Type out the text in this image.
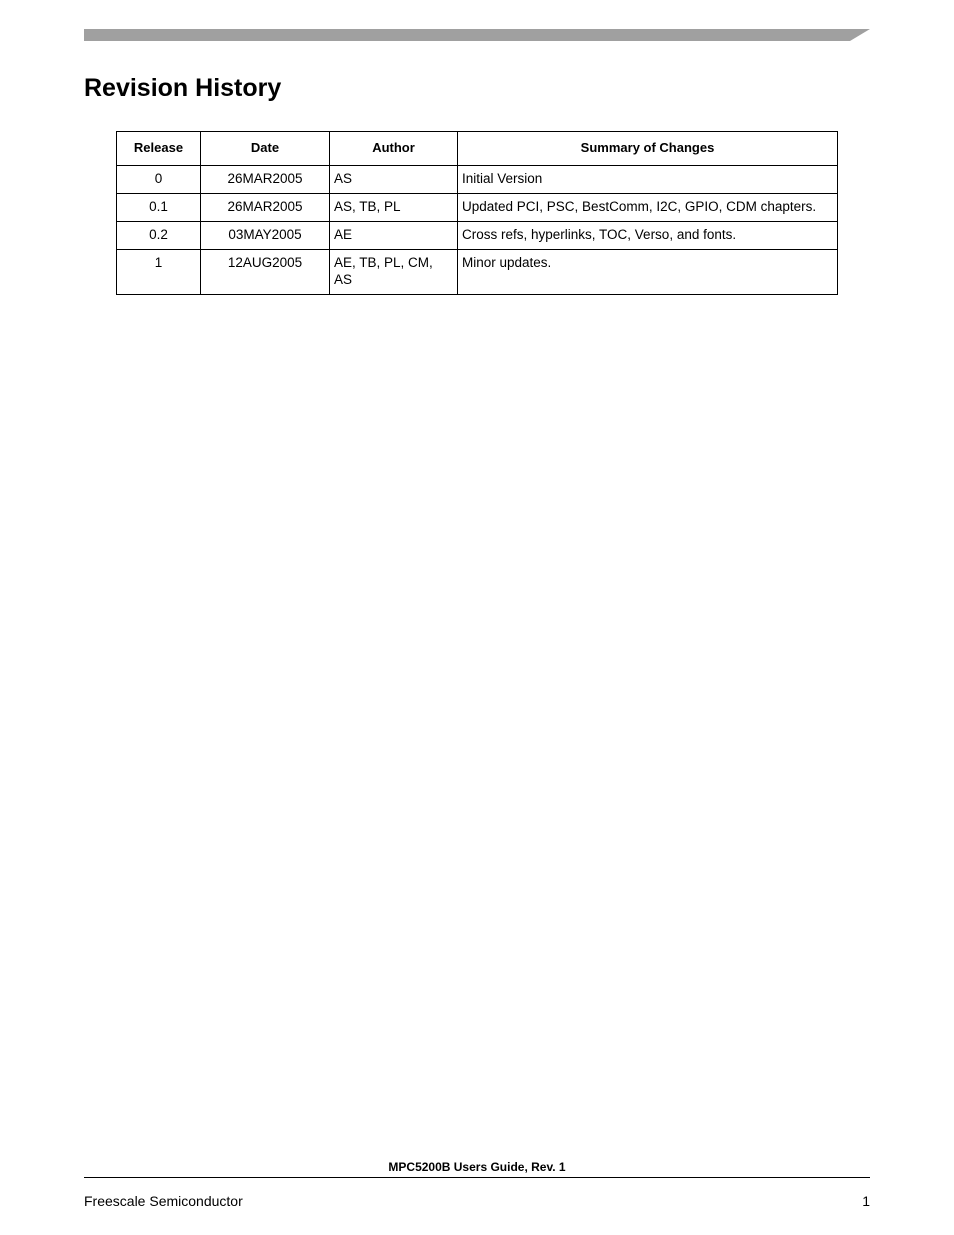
Revision History
Release	Date	Author	Summary of Changes
0	26MAR2005	AS	Initial Version
0.1	26MAR2005	AS, TB, PL	Updated PCI, PSC, BestComm, I2C, GPIO, CDM chapters.
0.2	03MAY2005	AE	Cross refs, hyperlinks, TOC, Verso, and fonts.
1	12AUG2005	AE, TB, PL, CM, AS	Minor updates.
MPC5200B Users Guide, Rev. 1
Freescale Semiconductor	1
